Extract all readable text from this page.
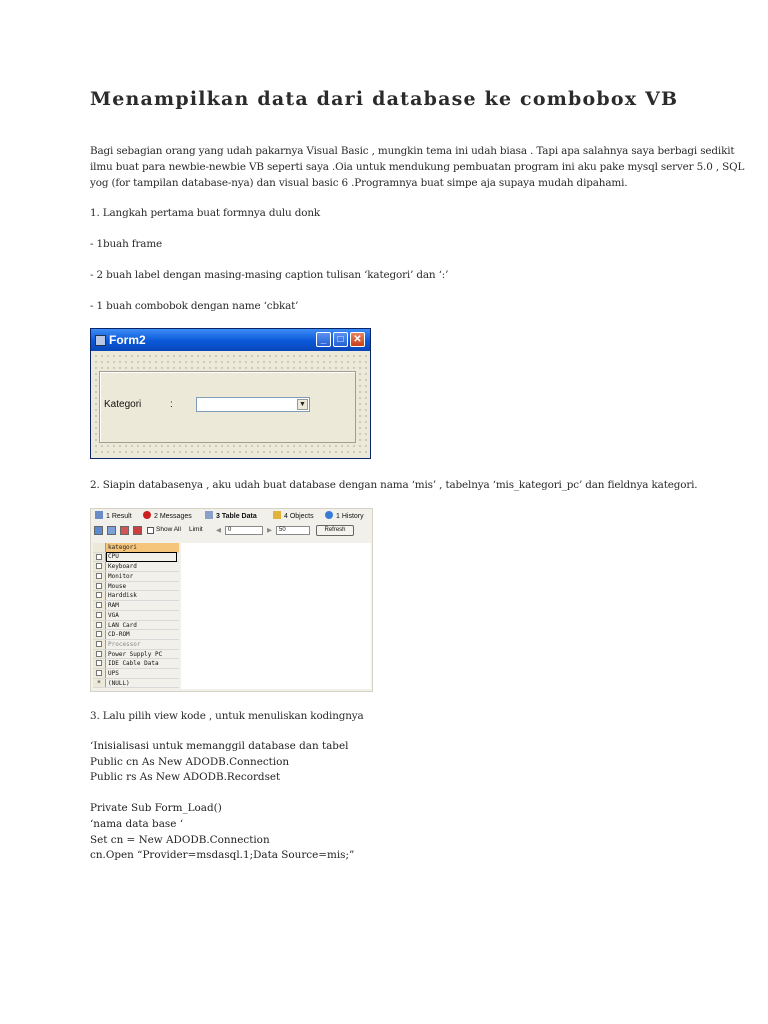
Menampilkan data dari database ke combobox VB
Bagi sebagian orang yang udah pakarnya Visual Basic , mungkin tema ini udah biasa . Tapi apa salahnya saya berbagi sedikit
ilmu buat para newbie-newbie VB seperti saya .Oia untuk mendukung pembuatan program ini aku pake mysql server 5.0 , SQL
yog (for tampilan database-nya) dan visual basic 6 .Programnya buat simpe aja supaya mudah dipahami.
1. Langkah pertama buat formnya dulu donk
- 1buah frame
- 2 buah label dengan masing-masing caption tulisan ‘kategori’ dan ‘:’
- 1 buah combobok dengan name ‘cbkat’
Form2	_	□ ✕
Kategori	:	▼
2. Siapin databasenya , aku udah buat database dengan nama ‘mis’ , tabelnya ‘mis_kategori_pc’ dan fieldnya kategori.
1 Result	2 Messages	3 Table Data	4 Objects	1 History
Show All Limit ◀	0	▶	50	Refresh
kategori
CPU
Keyboard
Monitor
Mouse
Harddisk
RAM
VGA
LAN Card
CD-ROM
Processor
Power Supply PC
IDE Cable Data
UPS
*	(NULL)
3. Lalu pilih view kode , untuk menuliskan kodingnya
‘Inisialisasi untuk memanggil database dan tabel
Public cn As New ADODB.Connection
Public rs As New ADODB.Recordset

Private Sub Form_Load()
‘nama data base ‘
Set cn = New ADODB.Connection
cn.Open “Provider=msdasql.1;Data Source=mis;”
